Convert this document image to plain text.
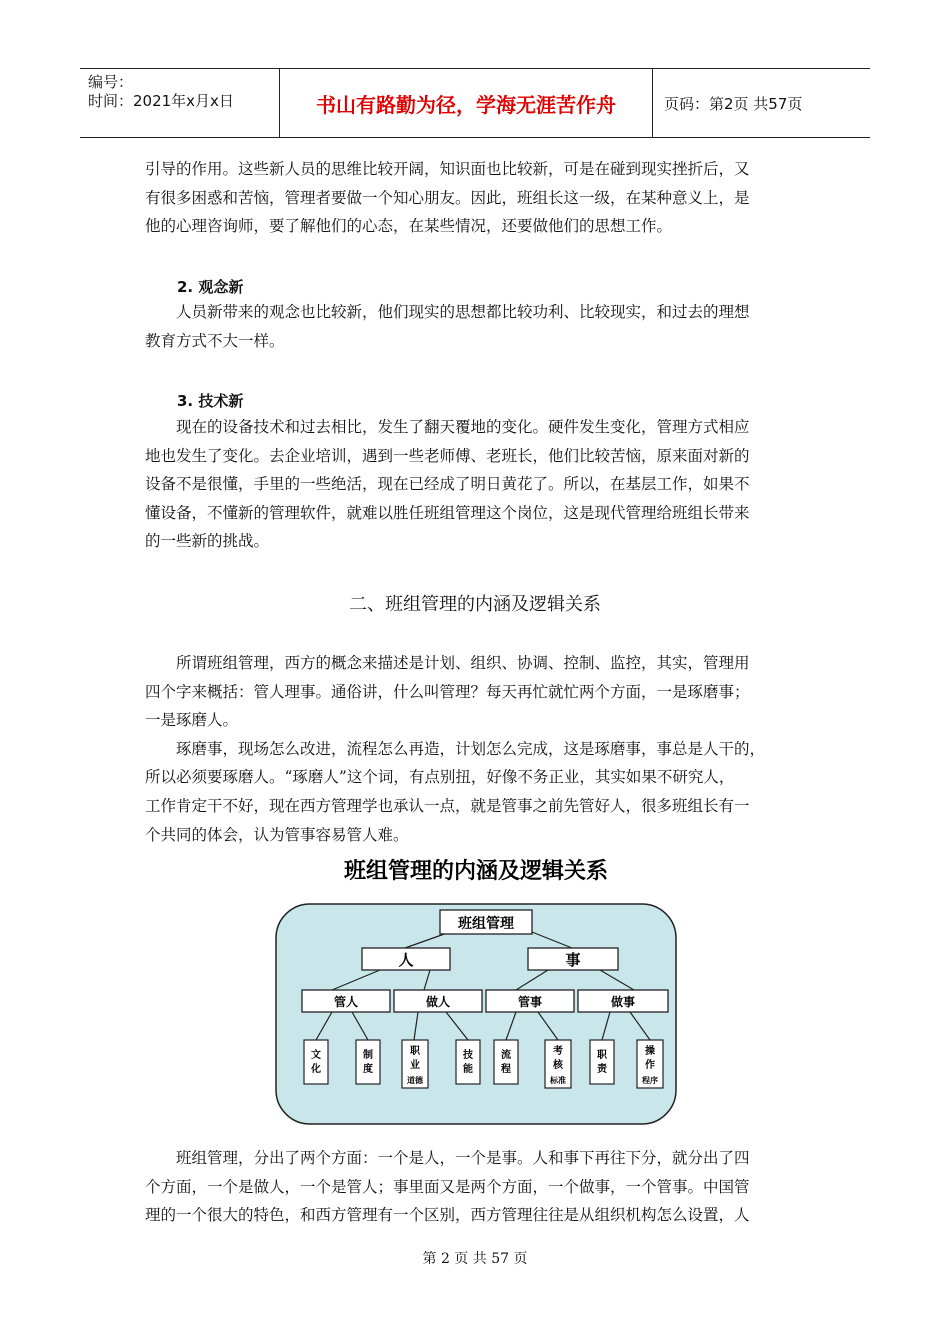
编号：
时间：2021年x月x日	书山有路勤为径，学海无涯苦作舟	页码：第2页 共57页
引导的作用。这些新人员的思维比较开阔，知识面也比较新，可是在碰到现实挫折后，又
有很多困惑和苦恼，管理者要做一个知心朋友。因此，班组长这一级，在某种意义上，是
他的心理咨询师，要了解他们的心态，在某些情况，还要做他们的思想工作。
2. 观念新
　　人员新带来的观念也比较新，他们现实的思想都比较功利、比较现实，和过去的理想
教育方式不大一样。
3. 技术新
　　现在的设备技术和过去相比，发生了翻天覆地的变化。硬件发生变化，管理方式相应
地也发生了变化。去企业培训，遇到一些老师傅、老班长，他们比较苦恼，原来面对新的
设备不是很懂，手里的一些绝活，现在已经成了明日黄花了。所以，在基层工作，如果不
懂设备，不懂新的管理软件，就难以胜任班组管理这个岗位，这是现代管理给班组长带来
的一些新的挑战。
二、班组管理的内涵及逻辑关系
　　所谓班组管理，西方的概念来描述是计划、组织、协调、控制、监控，其实，管理用
四个字来概括：管人理事。通俗讲，什么叫管理？每天再忙就忙两个方面，一是琢磨事；
一是琢磨人。
　　琢磨事，现场怎么改进，流程怎么再造，计划怎么完成，这是琢磨事，事总是人干的，
所以必须要琢磨人。“琢磨人”这个词，有点别扭，好像不务正业，其实如果不研究人，
工作肯定干不好，现在西方管理学也承认一点，就是管事之前先管好人，很多班组长有一
个共同的体会，认为管事容易管人难。
班组管理的内涵及逻辑关系
班组管理
人	事
管人	做人	管事	做事
文
化
制
度
职
业
道德
技
能
流
程
考
核
标准
职
责
操
作
程序
　　班组管理，分出了两个方面：一个是人，一个是事。人和事下再往下分，就分出了四
个方面，一个是做人，一个是管人；事里面又是两个方面，一个做事，一个管事。中国管
理的一个很大的特色，和西方管理有一个区别，西方管理往往是从组织机构怎么设置，人
第 2 页 共 57 页
